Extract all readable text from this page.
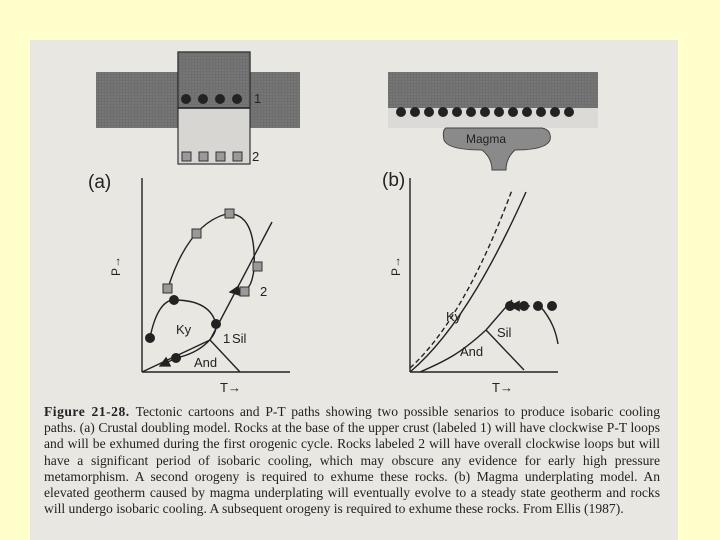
1
2
(a)
Magma
(b)
P→
T→
Ky
Sil
And
1
2
P→
T→
Ky
Sil
And
Figure 21-28. Tectonic cartoons and P-T paths showing two possible senarios to produce isobaric cooling paths. (a) Crustal doubling model. Rocks at the base of the upper crust (labeled 1) will have clockwise P-T loops and will be exhumed during the first orogenic cycle. Rocks labeled 2 will have overall clockwise loops but will have a significant period of isobaric cooling, which may obscure any evidence for early high pressure metamorphism. A second orogeny is required to exhume these rocks. (b) Magma underplating model. An elevated geotherm caused by magma underplating will eventually evolve to a steady state geotherm and rocks will undergo isobaric cooling. A subsequent orogeny is required to exhume these rocks. From Ellis (1987).
